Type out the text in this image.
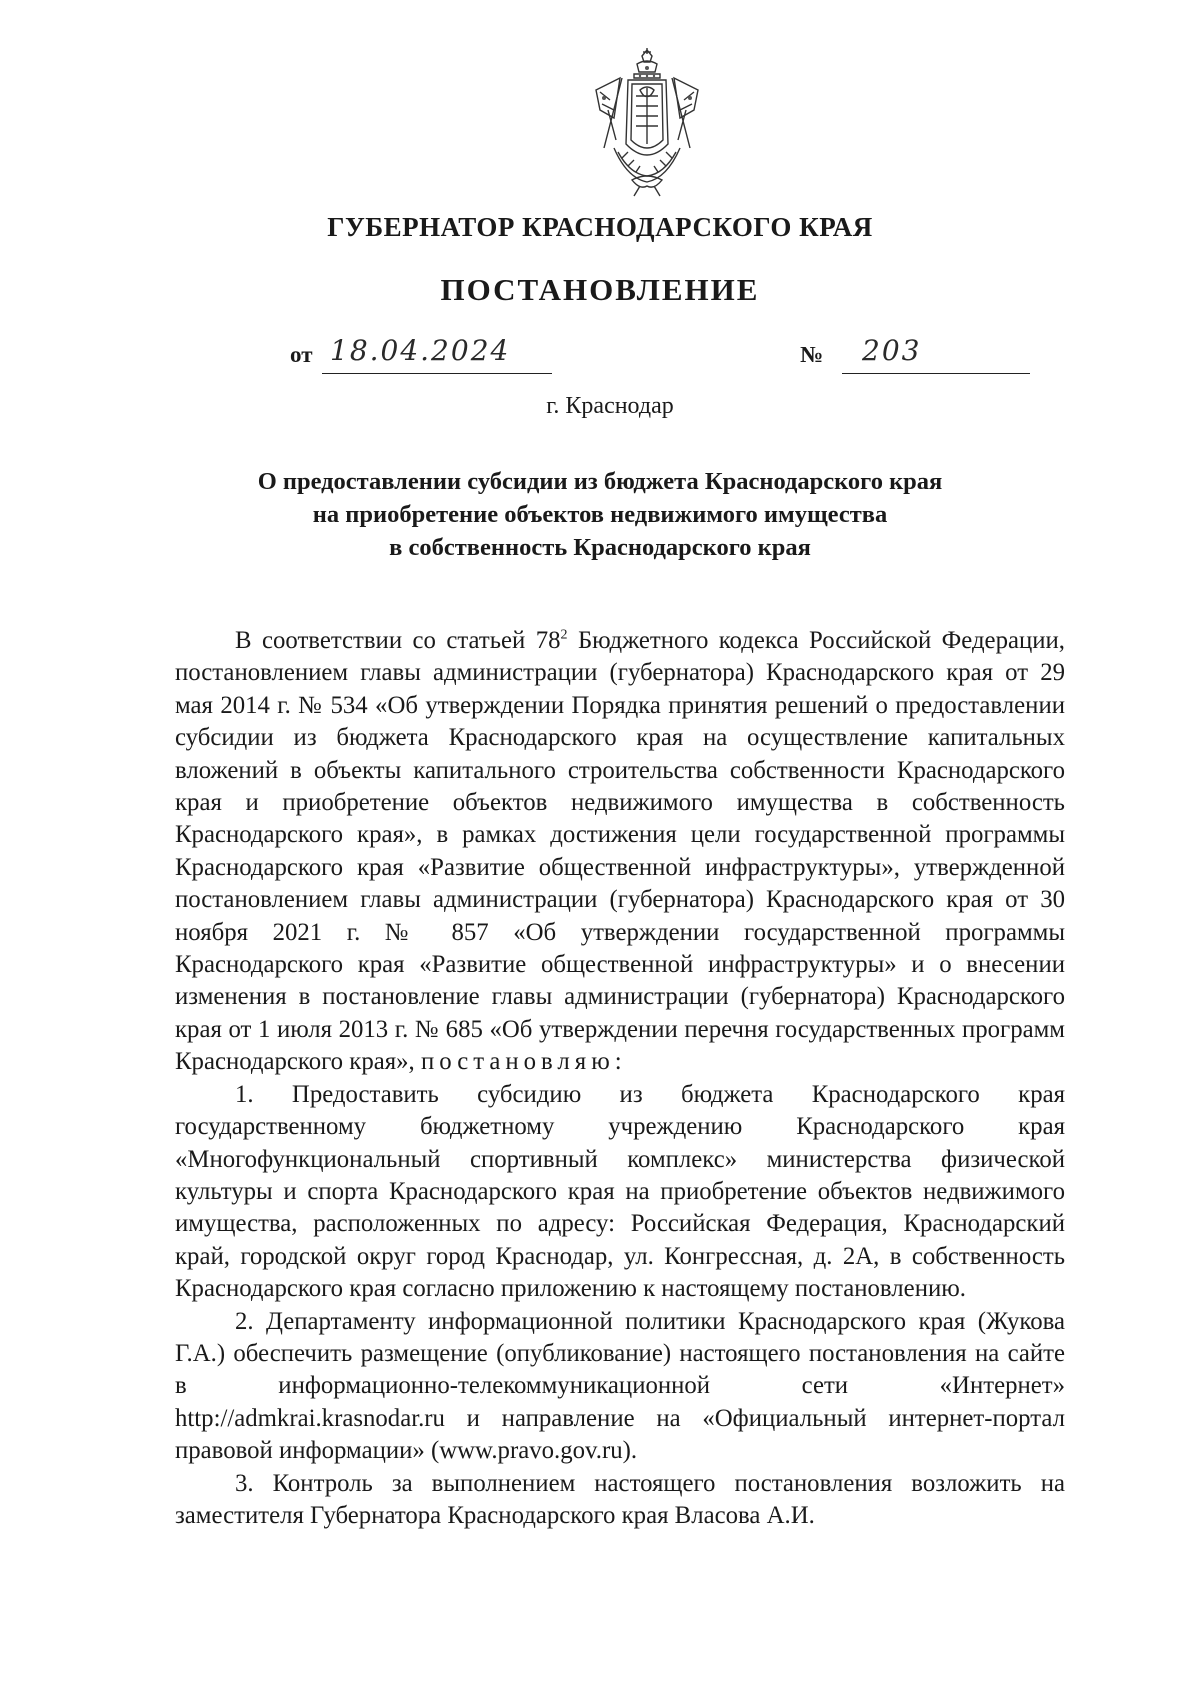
ГУБЕРНАТОР КРАСНОДАРСКОГО КРАЯ
ПОСТАНОВЛЕНИЕ
от 18.04.2024	№ 203
г. Краснодар
О предоставлении субсидии из бюджета Краснодарского края
на приобретение объектов недвижимого имущества
в собственность Краснодарского края

В соответствии со статьей $78^2$ Бюджетного кодекса Российской Федерации, постановлением главы администрации (губернатора) Краснодарского края от 29 мая 2014 г. № 534 «Об утверждении Порядка принятия решений о предоставлении субсидии из бюджета Краснодарского края на осуществление капитальных вложений в объекты капитального строительства собственности Краснодарского края и приобретение объектов недвижимого имущества в собственность Краснодарского края», в рамках достижения цели государственной программы Краснодарского края «Развитие общественной инфраструктуры», утвержденной постановлением главы администрации (губернатора) Краснодарского края от 30 ноября 2021 г. № 857 «Об утверждении государственной программы Краснодарского края «Развитие общественной инфраструктуры» и о внесении изменения в постановление главы администрации (губернатора) Краснодарского края от 1 июля 2013 г. № 685 «Об утверждении перечня государственных программ Краснодарского края», постановляю:

1. Предоставить субсидию из бюджета Краснодарского края государственному бюджетному учреждению Краснодарского края «Многофункциональный спортивный комплекс» министерства физической культуры и спорта Краснодарского края на приобретение объектов недвижимого имущества, расположенных по адресу: Российская Федерация, Краснодарский край, городской округ город Краснодар, ул. Конгрессная, д. 2А, в собственность Краснодарского края согласно приложению к настоящему постановлению.

2. Департаменту информационной политики Краснодарского края (Жукова Г.А.) обеспечить размещение (опубликование) настоящего постановления на сайте в информационно-телекоммуникационной сети «Интернет» http://admkrai.krasnodar.ru и направление на «Официальный интернет-портал правовой информации» (www.pravo.gov.ru).

3. Контроль за выполнением настоящего постановления возложить на заместителя Губернатора Краснодарского края Власова А.И.
